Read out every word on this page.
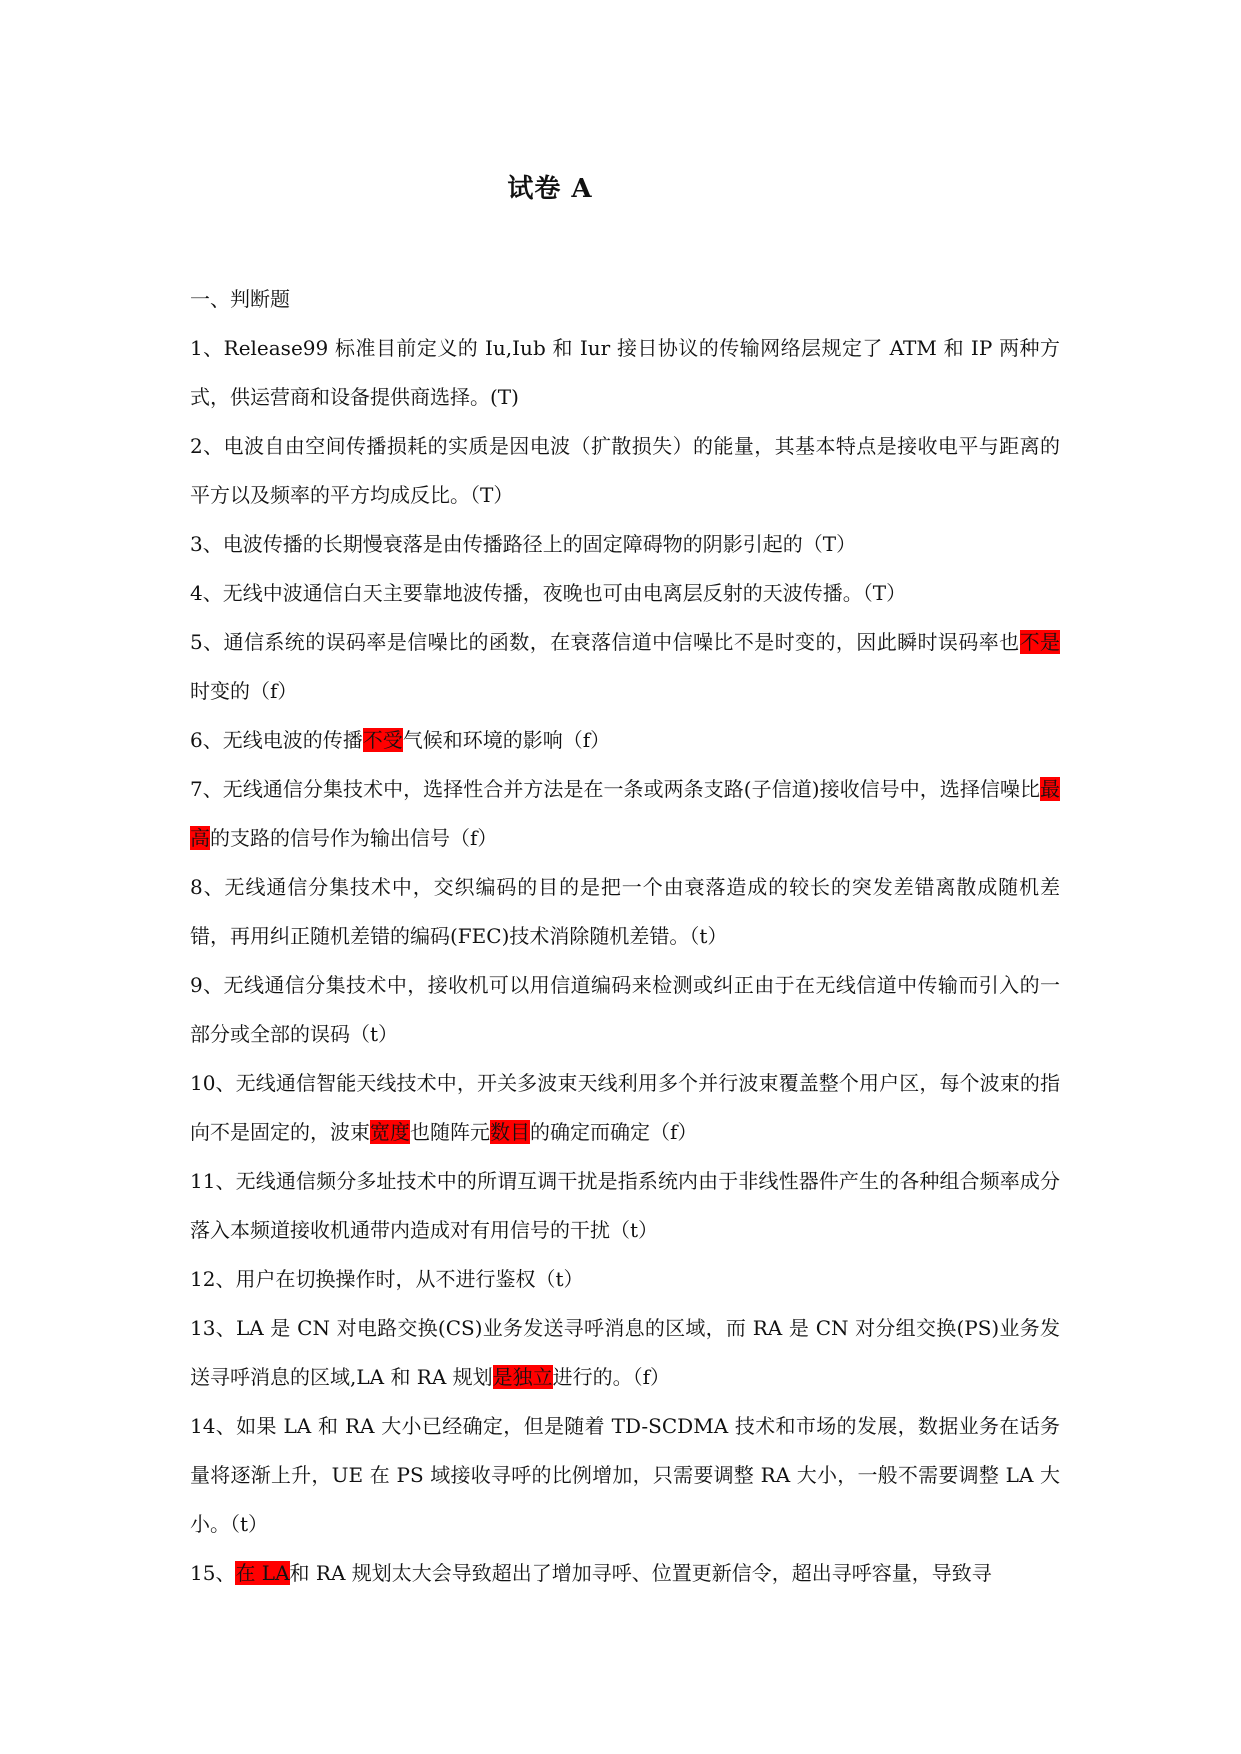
试卷 A
一、判断题
1、Release99 标准目前定义的 Iu,Iub 和 Iur 接日协议的传输网络层规定了 ATM 和 IP 两种方式，供运营商和设备提供商选择。(T)
2、电波自由空间传播损耗的实质是因电波（扩散损失）的能量，其基本特点是接收电平与距离的平方以及频率的平方均成反比。（T）
3、电波传播的长期慢衰落是由传播路径上的固定障碍物的阴影引起的（T）
4、无线中波通信白天主要靠地波传播，夜晚也可由电离层反射的天波传播。（T）
5、通信系统的误码率是信噪比的函数，在衰落信道中信噪比不是时变的，因此瞬时误码率也不是时变的（f）
6、无线电波的传播不受气候和环境的影响（f）
7、无线通信分集技术中，选择性合并方法是在一条或两条支路(子信道)接收信号中，选择信噪比最高的支路的信号作为输出信号（f）
8、无线通信分集技术中，交织编码的目的是把一个由衰落造成的较长的突发差错离散成随机差错，再用纠正随机差错的编码(FEC)技术消除随机差错。（t）
9、无线通信分集技术中，接收机可以用信道编码来检测或纠正由于在无线信道中传输而引入的一部分或全部的误码（t）
10、无线通信智能天线技术中，开关多波束天线利用多个并行波束覆盖整个用户区，每个波束的指向不是固定的，波束宽度也随阵元数目的确定而确定（f）
11、无线通信频分多址技术中的所谓互调干扰是指系统内由于非线性器件产生的各种组合频率成分落入本频道接收机通带内造成对有用信号的干扰（t）
12、用户在切换操作时，从不进行鉴权（t）
13、LA 是 CN 对电路交换(CS)业务发送寻呼消息的区域，而 RA 是 CN 对分组交换(PS)业务发送寻呼消息的区域,LA 和 RA 规划是独立进行的。（f）
14、如果 LA 和 RA 大小已经确定，但是随着 TD-SCDMA 技术和市场的发展，数据业务在话务量将逐渐上升，UE 在 PS 域接收寻呼的比例增加，只需要调整 RA 大小，一般不需要调整 LA 大小。（t）
15、在 LA和 RA 规划太大会导致超出了增加寻呼、位置更新信令，超出寻呼容量，导致寻
